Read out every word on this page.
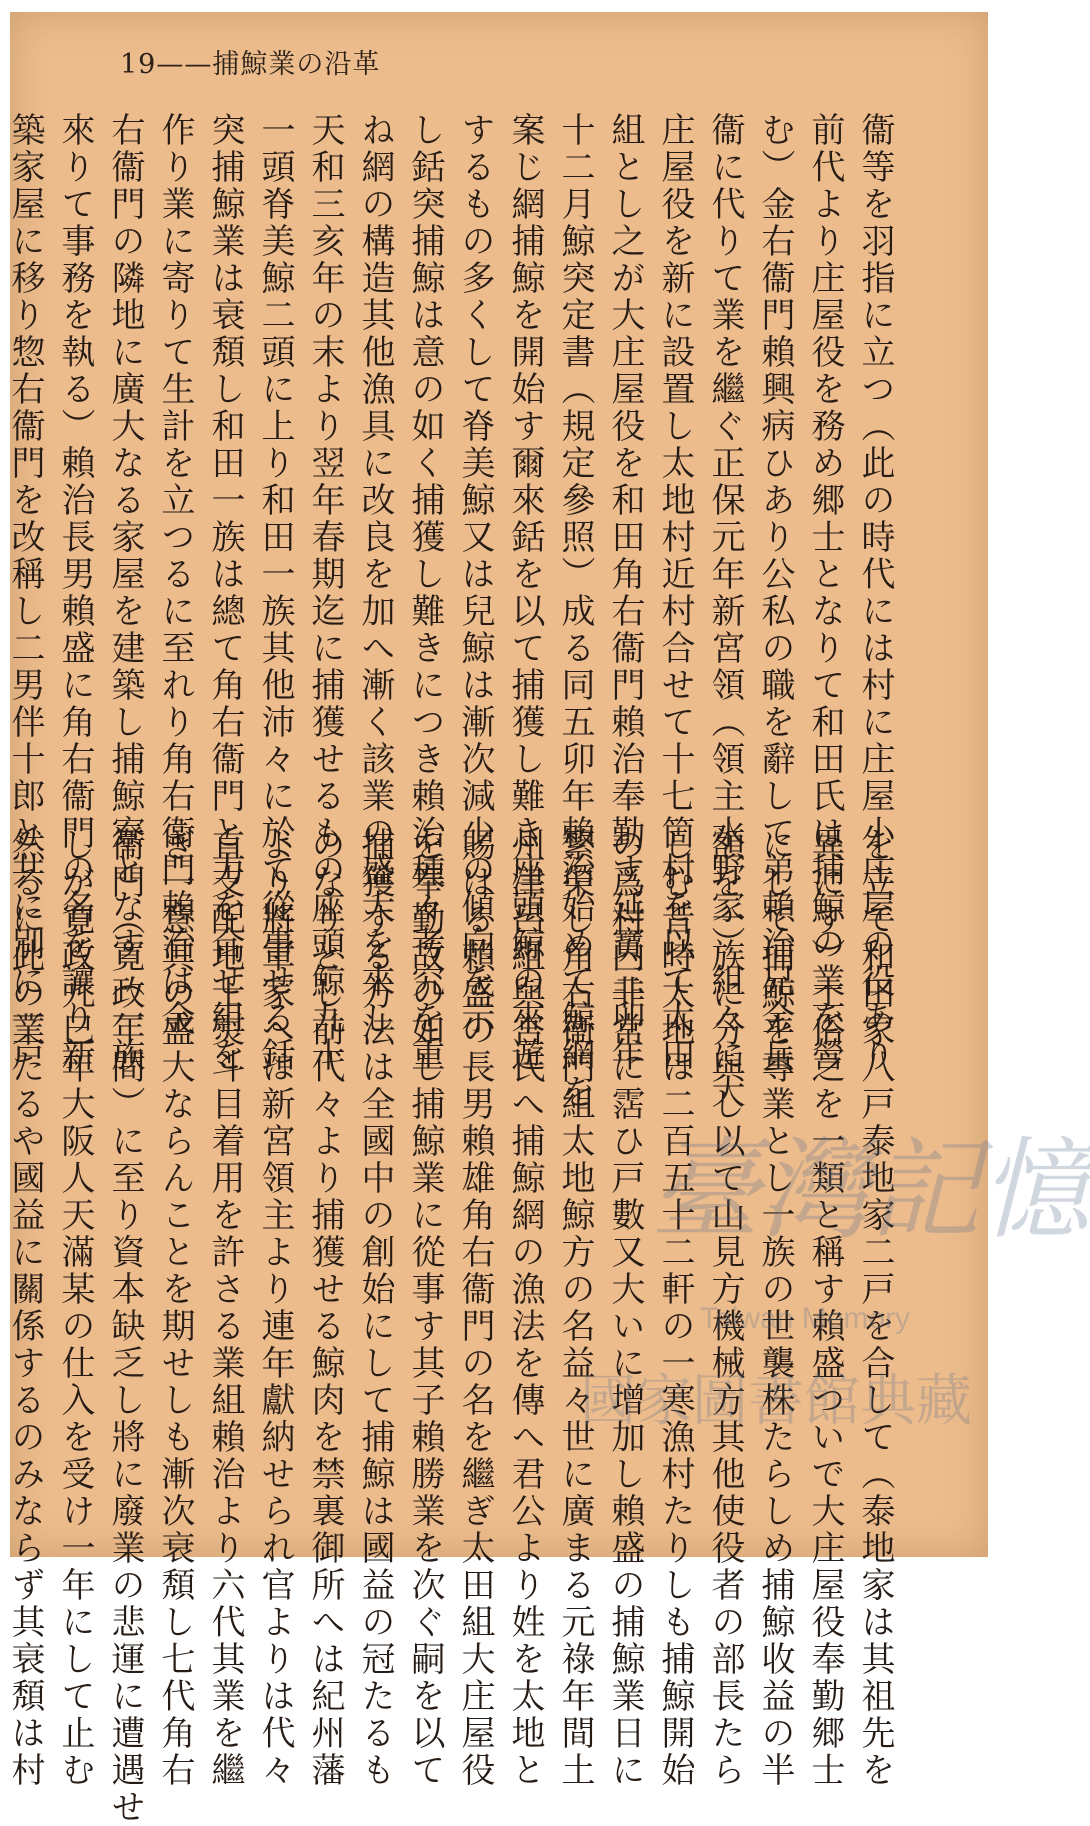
19——捕鯨業の沿革
衞等を羽指に立つ（此の時代には村に庄屋小庄屋の役あり
前代より庄屋役を務め郷士となりて和田氏は捕鯨の業を營
む）金右衞門賴興病ひあり公私の職を辭して弟賴治兄金兵
衞に代りて業を繼ぐ正保元年新宮領（領主水野家）組々に大
庄屋役を新に設置し太地村近村合せて十七箇村を以て太田
組とし之が大庄屋役を和田角右衞門賴治奉勤す延寶三卯年
十二月鯨突定書（規定參照）成る同五卯年賴治始めて鯨網を
案じ網捕鯨を開始す爾來銛を以て捕獲し難き座頭鯨の來遊
するもの多くして脊美鯨又は兒鯨は漸次減少の傾向を示
し銛突捕鯨は意の如く捕獲し難きにつき賴治種々考究を重
ね網の構造其他漁具に改良を加へ漸く該業の盛大を來し
天和三亥年の末より翌年春期迄に捕獲せるもの座頭鯨九十
一頭脊美鯨二頭に上り和田一族其他沛々に於て從事せる銛
突捕鯨業は衰頽し和田一族は總て角右衞門と力を合せ組を
作り業に寄りて生計を立つるに至れり角右衞門賴治は金
右衞門の隣地に廣大なる家屋を建築し捕鯨寮となす（一族
來りて事務を執る）賴治長男賴盛に角右衞門の名を讓り新
築家屋に移り惣右衞門を改稱し二男伴十郎と共に別に一戸
を立て和田家八戸泰地家二戸を合して（泰地家は其祖先を
異にす）土俗之を一類と稱す賴盛ついで大庄屋役奉勤郷士
にして捕鯨を專業とし一族の世襲株たらしめ捕鯨收益の半
額を一族に分與し以て山見方機械方其他使役者の部長たら
しむ昔時太地は二百五十二軒の一寒漁村たりしも捕鯨開始
の爲村内非常に霑ひ戸數又大いに增加し賴盛の捕鯨業日に
繁榮し角右衞門組太地鯨方の名益々世に廣まる元祿年間土
州津呂組與宮氏へ捕鯨網の漁法を傳へ君公より姓を太地と
賜はる賴盛の長男賴雄角右衞門の名を繼ぎ太田組大庄屋役
を奉勤故の如し捕鯨業に從事す其子賴勝業を次ぐ嗣を以て
捕獲する方法は全國中の創始にして捕鯨は國益の冠たるも
のなりとし前代々より捕獲せる鯨肉を禁裏御所へは紀州藩
より將軍家へは新宮領主より連年獻納せられ官よりは代々
直支配地士熨斗目着用を許さる業組賴治より六代其業を繼
ぎ一意其の盛大ならんことを期せしも漸次衰頽し七代角右
衞門（寛政年間）に至り資本缺乏し將に廢業の悲運に遭遇せ
しが寛政九巳年大阪人天滿某の仕入を受け一年にして止む
然るに此の業たるや國益に關係するのみならず其衰頽は村	臺灣記憶
Taiwan Memory
國家圖書館典藏
